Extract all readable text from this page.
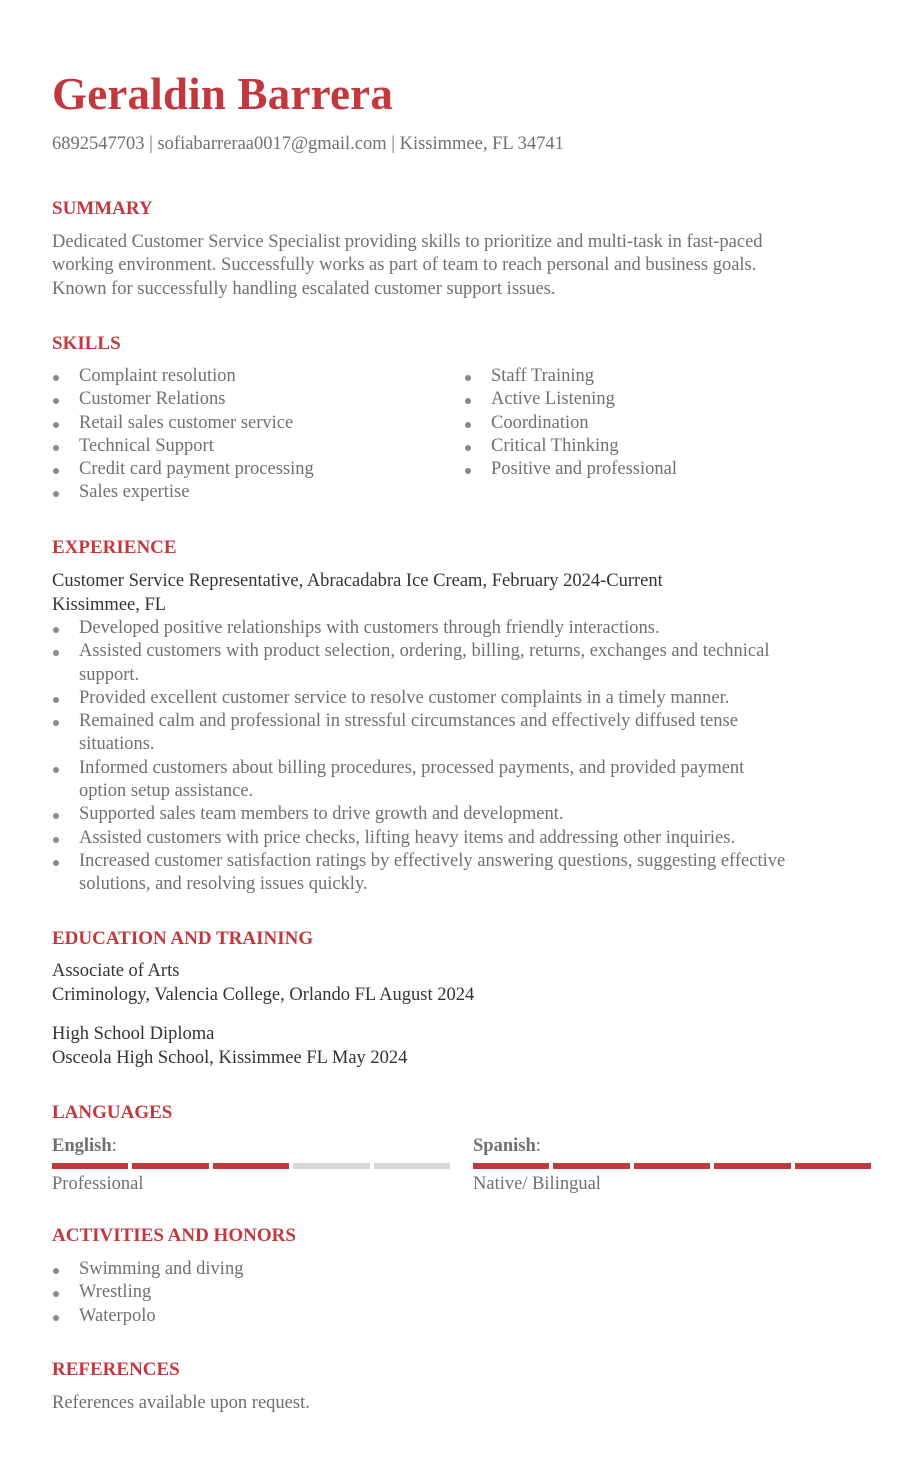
Geraldin Barrera
6892547703 | sofiabarreraa0017@gmail.com | Kissimmee, FL 34741
SUMMARY
Dedicated Customer Service Specialist providing skills to prioritize and multi-task in fast-paced
working environment. Successfully works as part of team to reach personal and business goals.
Known for successfully handling escalated customer support issues.
SKILLS
Complaint resolution
Customer Relations
Retail sales customer service
Technical Support
Credit card payment processing
Sales expertise
Staff Training
Active Listening
Coordination
Critical Thinking
Positive and professional
EXPERIENCE
Customer Service Representative, Abracadabra Ice Cream, February 2024-Current
Kissimmee, FL
Developed positive relationships with customers through friendly interactions.
Assisted customers with product selection, ordering, billing, returns, exchanges and technical
support.
Provided excellent customer service to resolve customer complaints in a timely manner.
Remained calm and professional in stressful circumstances and effectively diffused tense
situations.
Informed customers about billing procedures, processed payments, and provided payment
option setup assistance.
Supported sales team members to drive growth and development.
Assisted customers with price checks, lifting heavy items and addressing other inquiries.
Increased customer satisfaction ratings by effectively answering questions, suggesting effective
solutions, and resolving issues quickly.
EDUCATION AND TRAINING
Associate of Arts
Criminology, Valencia College, Orlando FL August 2024
High School Diploma
Osceola High School, Kissimmee FL May 2024
LANGUAGES
English:
Professional
Spanish:
Native/ Bilingual
ACTIVITIES AND HONORS
Swimming and diving
Wrestling
Waterpolo
REFERENCES
References available upon request.
